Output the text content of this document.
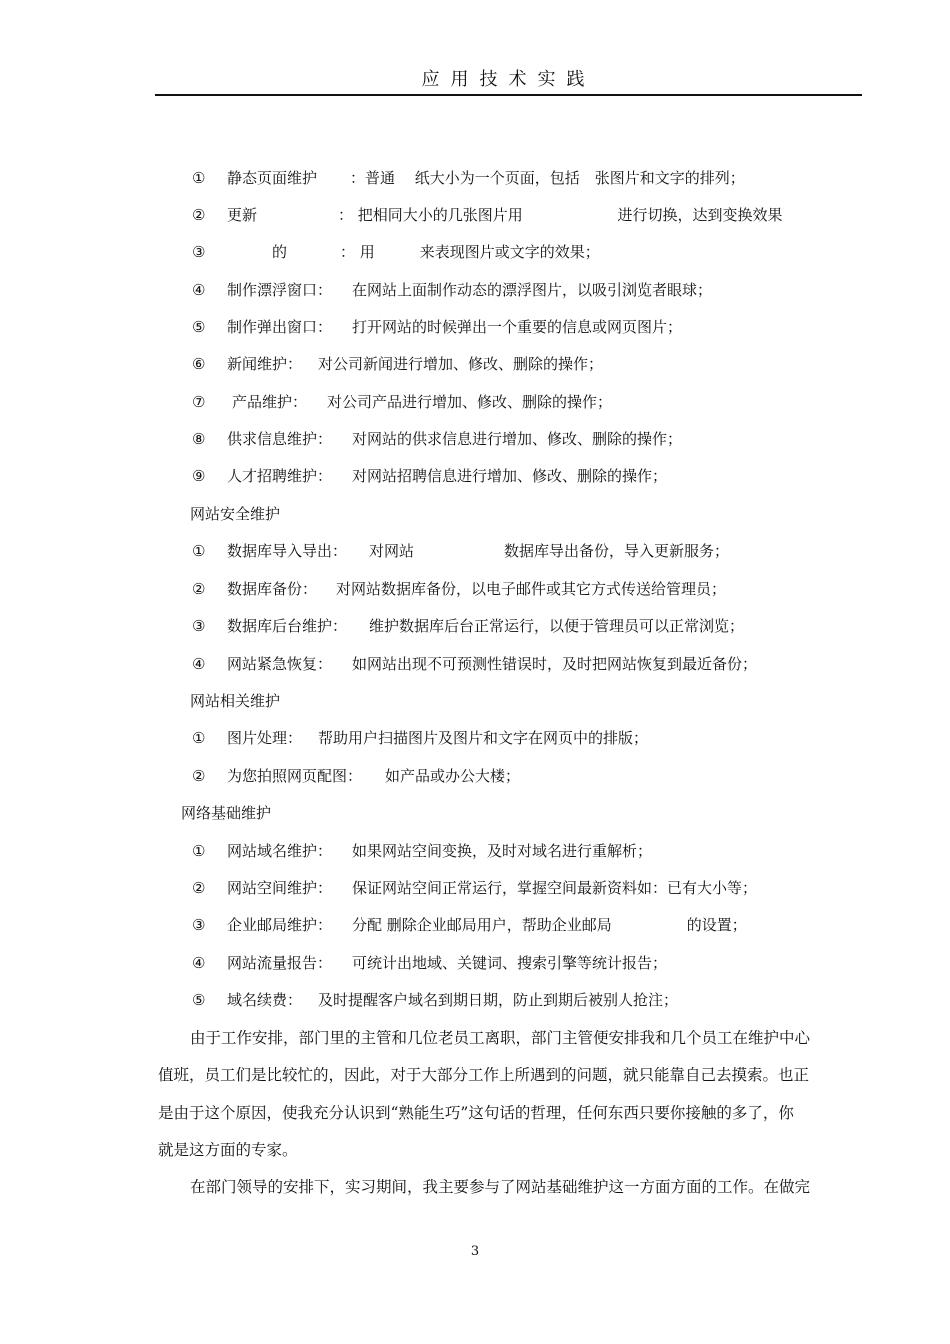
应用技术实践
①	静态页面维护 ：普通　 纸大小为一个页面，包括　张图片和文字的排列；
②	更新	： 把相同大小的几张图片用　　　　　　 进行切换，达到变换效果
③	　　　的	： 用　　　来表现图片或文字的效果；
④	制作漂浮窗口： 在网站上面制作动态的漂浮图片，以吸引浏览者眼球；
⑤	制作弹出窗口： 打开网站的时候弹出一个重要的信息或网页图片；
⑥	新闻维护： 对公司新闻进行增加、修改、删除的操作；
⑦	产品维护： 对公司产品进行增加、修改、删除的操作；
⑧	供求信息维护： 对网站的供求信息进行增加、修改、删除的操作；
⑨	人才招聘维护： 对网站招聘信息进行增加、修改、删除的操作；
网站安全维护
①	数据库导入导出： 对网站　　　　　　数据库导出备份，导入更新服务；
②	数据库备份： 对网站数据库备份，以电子邮件或其它方式传送给管理员；
③	数据库后台维护： 维护数据库后台正常运行，以便于管理员可以正常浏览；
④	网站紧急恢复： 如网站出现不可预测性错误时，及时把网站恢复到最近备份；
网站相关维护
①	图片处理： 帮助用户扫描图片及图片和文字在网页中的排版；
②	为您拍照网页配图： 如产品或办公大楼；
网络基础维护
①	网站域名维护： 如果网站空间变换，及时对域名进行重解析；
②	网站空间维护： 保证网站空间正常运行，掌握空间最新资料如：已有大小等；
③	企业邮局维护： 分配 删除企业邮局用户，帮助企业邮局　　　　　的设置；
④	网站流量报告： 可统计出地域、关键词、搜索引擎等统计报告；
⑤	域名续费： 及时提醒客户域名到期日期，防止到期后被别人抢注；
由于工作安排，部门里的主管和几位老员工离职，部门主管便安排我和几个员工在维护中心
值班，员工们是比较忙的，因此，对于大部分工作上所遇到的问题，就只能靠自己去摸索。也正
是由于这个原因，使我充分认识到“熟能生巧”这句话的哲理，任何东西只要你接触的多了，你
就是这方面的专家。
在部门领导的安排下，实习期间，我主要参与了网站基础维护这一方面方面的工作。在做完
3
